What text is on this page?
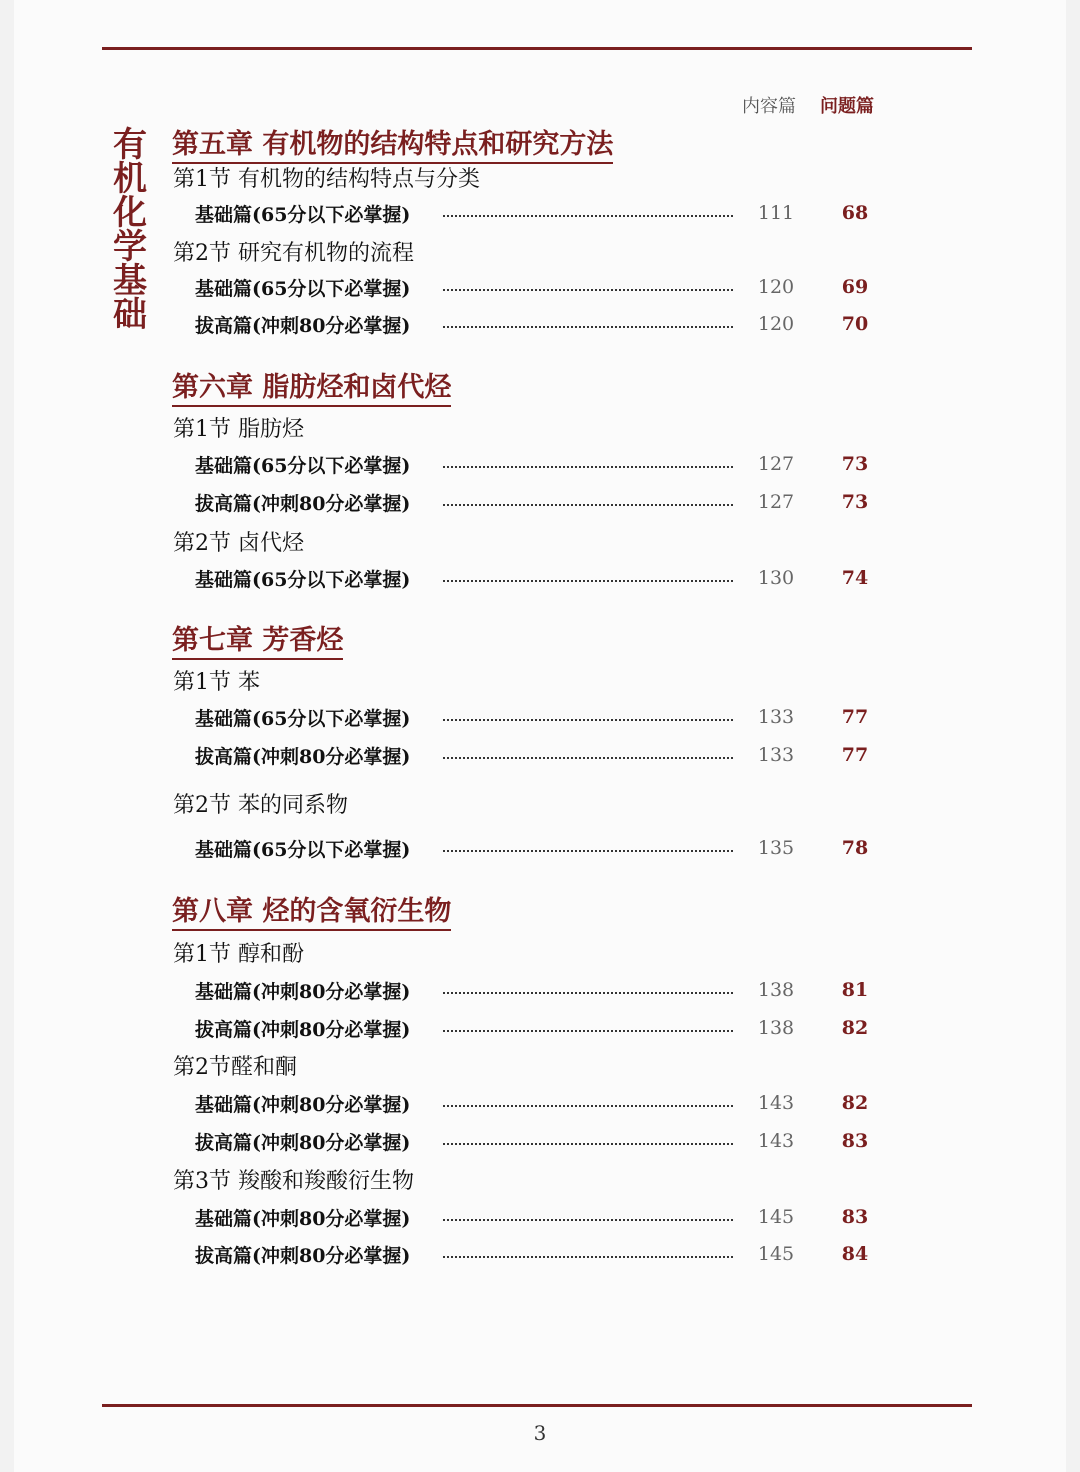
内容篇 问题篇
有
机
化
学
基
础
第五章 有机物的结构特点和研究方法
第1节 有机物的结构特点与分类
基础篇(65分以下必掌握)	111	68
第2节 研究有机物的流程
基础篇(65分以下必掌握)	120	69
拔高篇(冲刺80分必掌握)	120	70
第六章 脂肪烃和卤代烃
第1节 脂肪烃
基础篇(65分以下必掌握)	127	73
拔高篇(冲刺80分必掌握)	127	73
第2节 卤代烃
基础篇(65分以下必掌握)	130	74
第七章 芳香烃
第1节 苯
基础篇(65分以下必掌握)	133	77
拔高篇(冲刺80分必掌握)	133	77
第2节 苯的同系物
基础篇(65分以下必掌握)	135	78
第八章 烃的含氧衍生物
第1节 醇和酚
基础篇(冲刺80分必掌握)	138	81
拔高篇(冲刺80分必掌握)	138	82
第2节醛和酮
基础篇(冲刺80分必掌握)	143	82
拔高篇(冲刺80分必掌握)	143	83
第3节 羧酸和羧酸衍生物
基础篇(冲刺80分必掌握)	145	83
拔高篇(冲刺80分必掌握)	145	84
3
